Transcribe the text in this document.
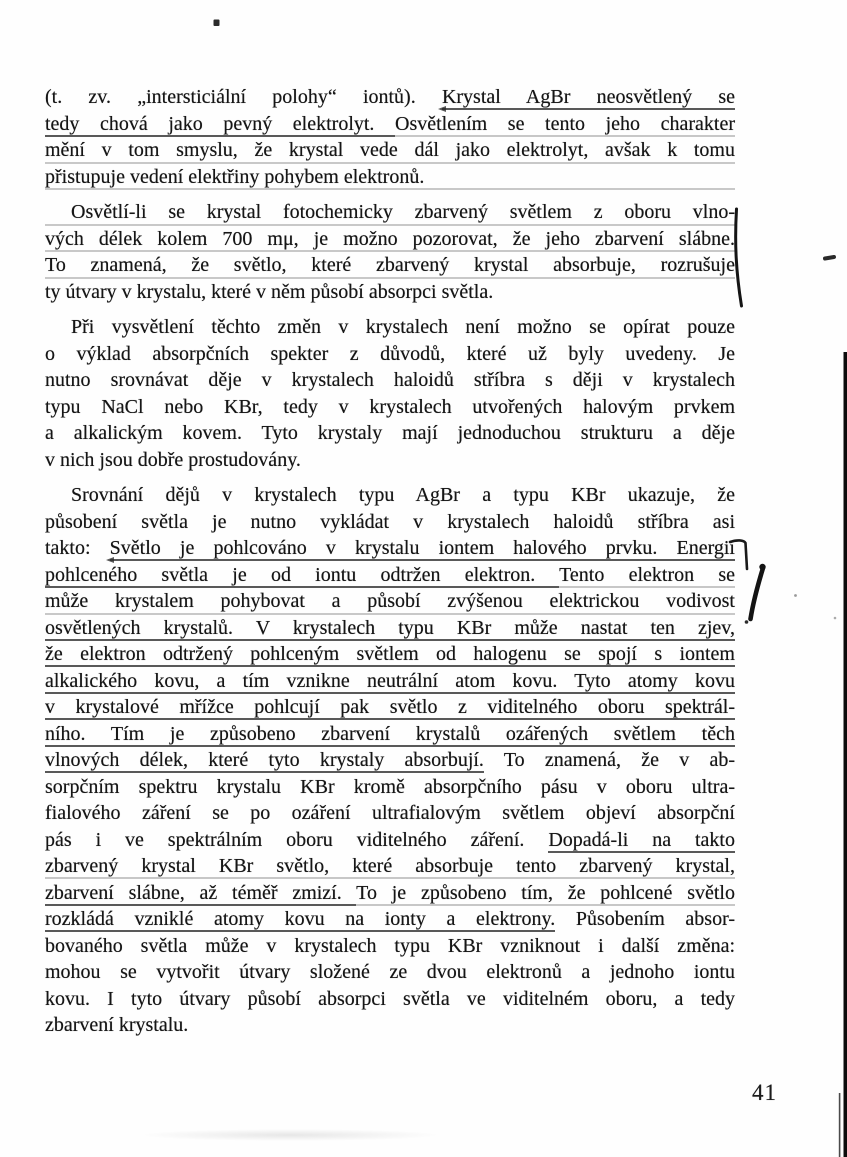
(t. zv. „intersticiální polohy“ iontů). Krystal AgBr neosvětlený se
tedy chová jako pevný elektrolyt. Osvětlením se tento jeho charakter
mění v tom smyslu, že krystal vede dál jako elektrolyt, avšak k tomu
přistupuje vedení elektřiny pohybem elektronů.
Osvětlí-li se krystal fotochemicky zbarvený světlem z oboru vlno-
vých délek kolem 700 mμ, je možno pozorovat, že jeho zbarvení slábne.
To znamená, že světlo, které zbarvený krystal absorbuje, rozrušuje
ty útvary v krystalu, které v něm působí absorpci světla.
Při vysvětlení těchto změn v krystalech není možno se opírat pouze
o výklad absorpčních spekter z důvodů, které už byly uvedeny. Je
nutno srovnávat děje v krystalech haloidů stříbra s ději v krystalech
typu NaCl nebo KBr, tedy v krystalech utvořených halovým prvkem
a alkalickým kovem. Tyto krystaly mají jednoduchou strukturu a děje
v nich jsou dobře prostudovány.
Srovnání dějů v krystalech typu AgBr a typu KBr ukazuje, že
působení světla je nutno vykládat v krystalech haloidů stříbra asi
takto: Světlo je pohlcováno v krystalu iontem halového prvku. Energií
pohlceného světla je od iontu odtržen elektron. Tento elektron se
může krystalem pohybovat a působí zvýšenou elektrickou vodivost
osvětlených krystalů. V krystalech typu KBr může nastat ten zjev,
že elektron odtržený pohlceným světlem od halogenu se spojí s iontem
alkalického kovu, a tím vznikne neutrální atom kovu. Tyto atomy kovu
v krystalové mřížce pohlcují pak světlo z viditelného oboru spektrál-
ního. Tím je způsobeno zbarvení krystalů ozářených světlem těch
vlnových délek, které tyto krystaly absorbují. To znamená, že v ab-
sorpčním spektru krystalu KBr kromě absorpčního pásu v oboru ultra-
fialového záření se po ozáření ultrafialovým světlem objeví absorpční
pás i ve spektrálním oboru viditelného záření. Dopadá-li na takto
zbarvený krystal KBr světlo, které absorbuje tento zbarvený krystal,
zbarvení slábne, až téměř zmizí. To je způsobeno tím, že pohlcené světlo
rozkládá vzniklé atomy kovu na ionty a elektrony. Působením absor-
bovaného světla může v krystalech typu KBr vzniknout i další změna:
mohou se vytvořit útvary složené ze dvou elektronů a jednoho iontu
kovu. I tyto útvary působí absorpci světla ve viditelném oboru, a tedy
zbarvení krystalu.
41
